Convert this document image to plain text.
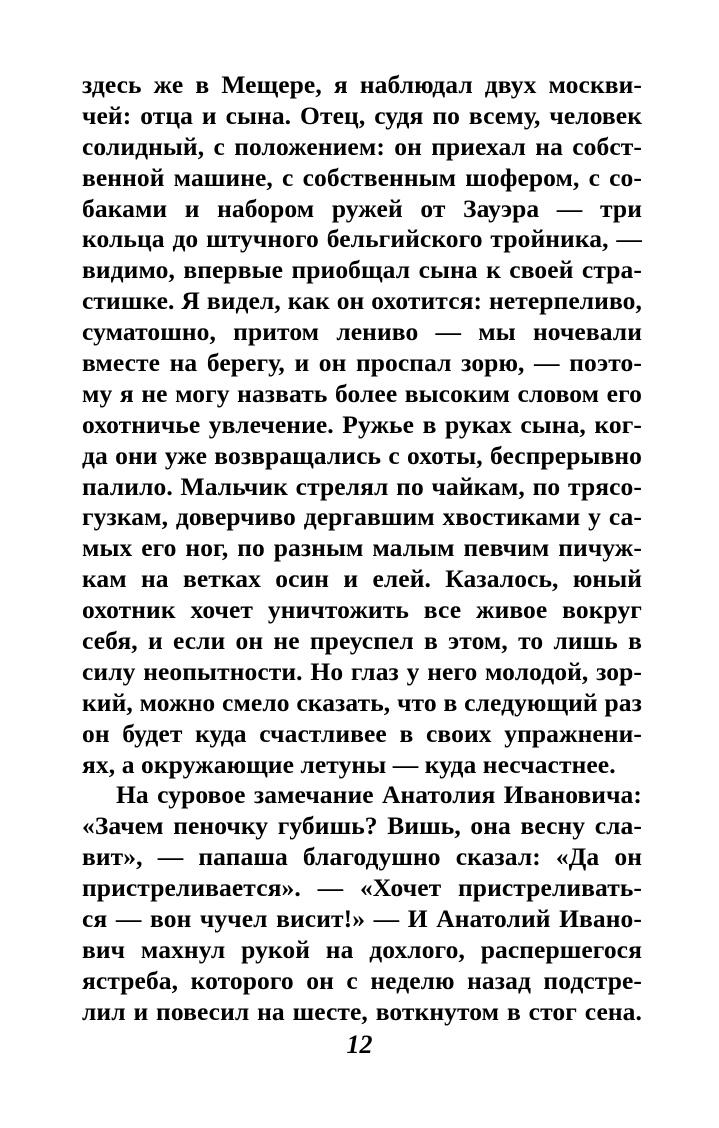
здесь же в Мещере, я наблюдал двух москви-
чей: отца и сына. Отец, судя по всему, человек
солидный, с положением: он приехал на собст-
венной машине, с собственным шофером, с со-
баками и набором ружей от Зауэра — три
кольца до штучного бельгийского тройника, —
видимо, впервые приобщал сына к своей стра-
стишке. Я видел, как он охотится: нетерпеливо,
суматошно, притом лениво — мы ночевали
вместе на берегу, и он проспал зорю, — поэто-
му я не могу назвать более высоким словом его
охотничье увлечение. Ружье в руках сына, ког-
да они уже возвращались с охоты, беспрерывно
палило. Мальчик стрелял по чайкам, по трясо-
гузкам, доверчиво дергавшим хвостиками у са-
мых его ног, по разным малым певчим пичуж-
кам на ветках осин и елей. Казалось, юный
охотник хочет уничтожить все живое вокруг
себя, и если он не преуспел в этом, то лишь в
силу неопытности. Но глаз у него молодой, зор-
кий, можно смело сказать, что в следующий раз
он будет куда счастливее в своих упражнени-
ях, а окружающие летуны — куда несчастнее.
На суровое замечание Анатолия Ивановича:
«Зачем пеночку губишь? Вишь, она весну сла-
вит», — папаша благодушно сказал: «Да он
пристреливается». — «Хочет пристреливать-
ся — вон чучел висит!» — И Анатолий Ивано-
вич махнул рукой на дохлого, распершегося
ястреба, которого он с неделю назад подстре-
лил и повесил на шесте, воткнутом в стог сена.
12
